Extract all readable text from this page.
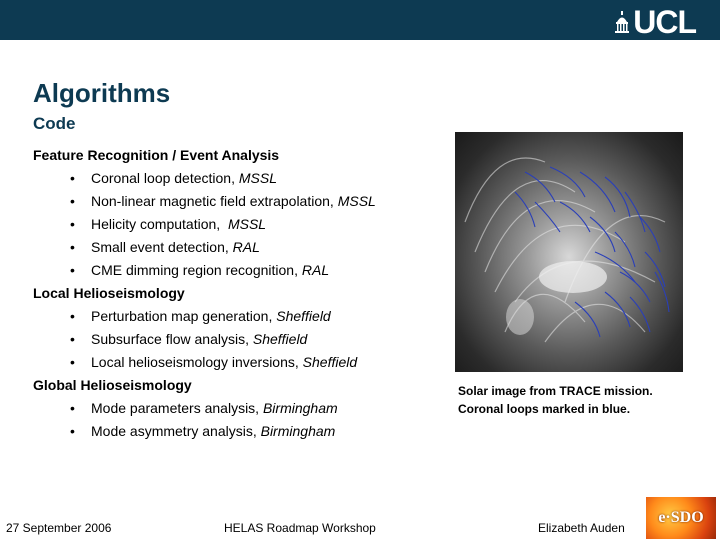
UCL
Algorithms
Code
Feature Recognition / Event Analysis
• Coronal loop detection, MSSL
• Non-linear magnetic field extrapolation, MSSL
• Helicity computation,  MSSL
• Small event detection, RAL
• CME dimming region recognition, RAL
Local Helioseismology
• Perturbation map generation, Sheffield
• Subsurface flow analysis, Sheffield
• Local helioseismology inversions, Sheffield
Global Helioseismology
• Mode parameters analysis, Birmingham
• Mode asymmetry analysis, Birmingham
Solar image from TRACE mission.
Coronal loops marked in blue.
27 September 2006	HELAS Roadmap Workshop	Elizabeth Auden
e·SDO
